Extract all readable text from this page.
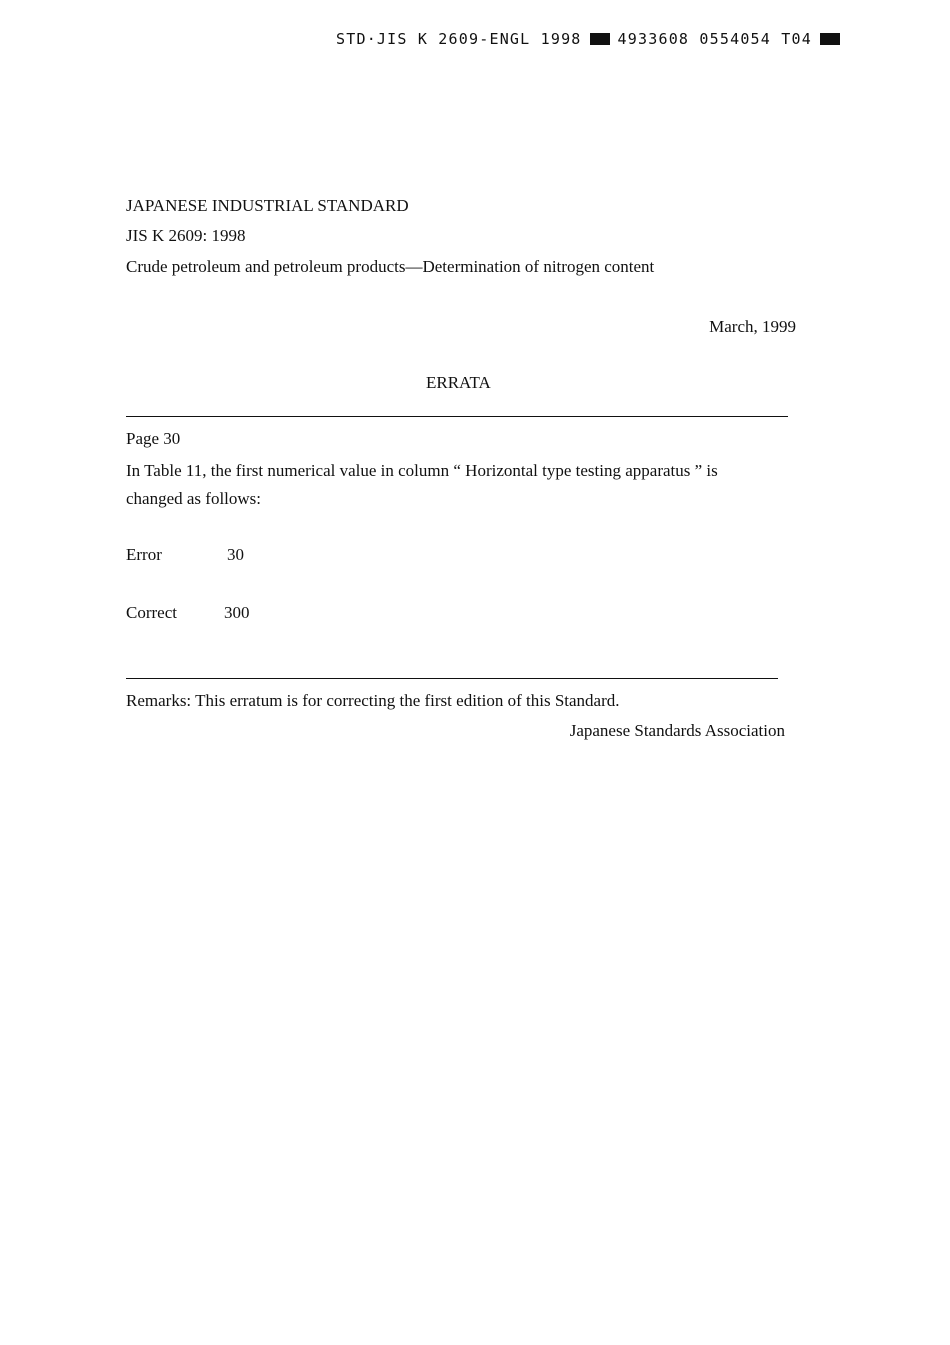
STD·JIS K 2609-ENGL 1998 4933608 0554054 T04
JAPANESE INDUSTRIAL STANDARD
JIS K 2609: 1998
Crude petroleum and petroleum products—Determination of nitrogen content
March, 1999
ERRATA
Page 30
In Table 11, the first numerical value in column “ Horizontal type testing apparatus ” is
changed as follows:
Error	30
Correct	300
Remarks: This erratum is for correcting the first edition of this Standard.
Japanese Standards Association
